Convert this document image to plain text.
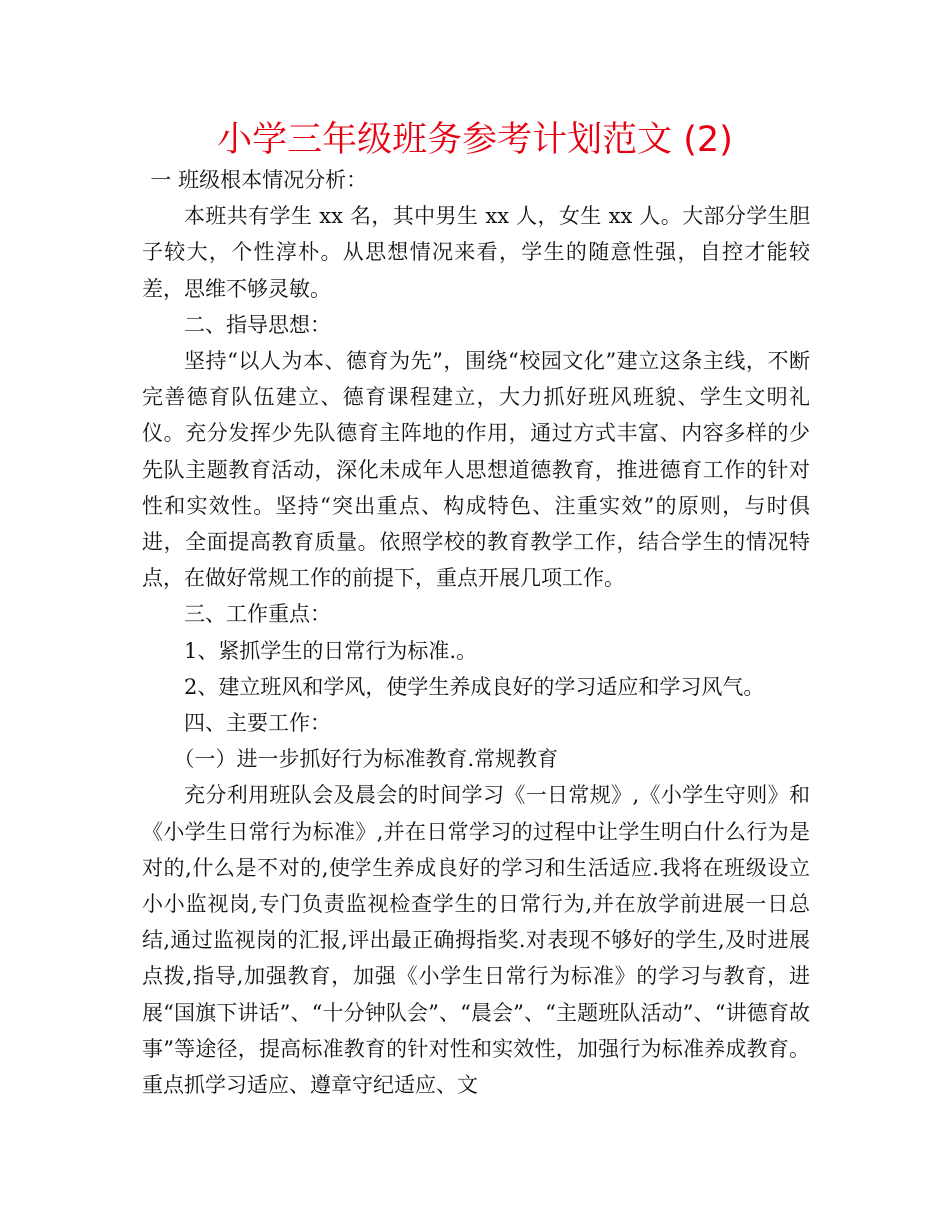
小学三年级班务参考计划范文 (2)

一 班级根本情况分析：

本班共有学生 xx 名，其中男生 xx 人，女生 xx 人。大部分学生胆子较大，个性淳朴。从思想情况来看，学生的随意性强，自控才能较差，思维不够灵敏。

二、指导思想：

坚持“以人为本、德育为先”，围绕“校园文化”建立这条主线，不断完善德育队伍建立、德育课程建立，大力抓好班风班貌、学生文明礼仪。充分发挥少先队德育主阵地的作用，通过方式丰富、内容多样的少先队主题教育活动，深化未成年人思想道德教育，推进德育工作的针对性和实效性。坚持“突出重点、构成特色、注重实效”的原则，与时俱进，全面提高教育质量。依照学校的教育教学工作，结合学生的情况特点，在做好常规工作的前提下，重点开展几项工作。

三、工作重点：

1、紧抓学生的日常行为标准.。

2、建立班风和学风，使学生养成良好的学习适应和学习风气。

四、主要工作：

（一）进一步抓好行为标准教育.常规教育

充分利用班队会及晨会的时间学习《一日常规》,《小学生守则》和《小学生日常行为标准》,并在日常学习的过程中让学生明白什么行为是对的,什么是不对的,使学生养成良好的学习和生活适应.我将在班级设立小小监视岗,专门负责监视检查学生的日常行为,并在放学前进展一日总结,通过监视岗的汇报,评出最正确拇指奖.对表现不够好的学生,及时进展点拨,指导,加强教育，加强《小学生日常行为标准》的学习与教育，进展“国旗下讲话”、“十分钟队会”、“晨会”、“主题班队活动”、“讲德育故事”等途径，提高标准教育的针对性和实效性，加强行为标准养成教育。重点抓学习适应、遵章守纪适应、文
